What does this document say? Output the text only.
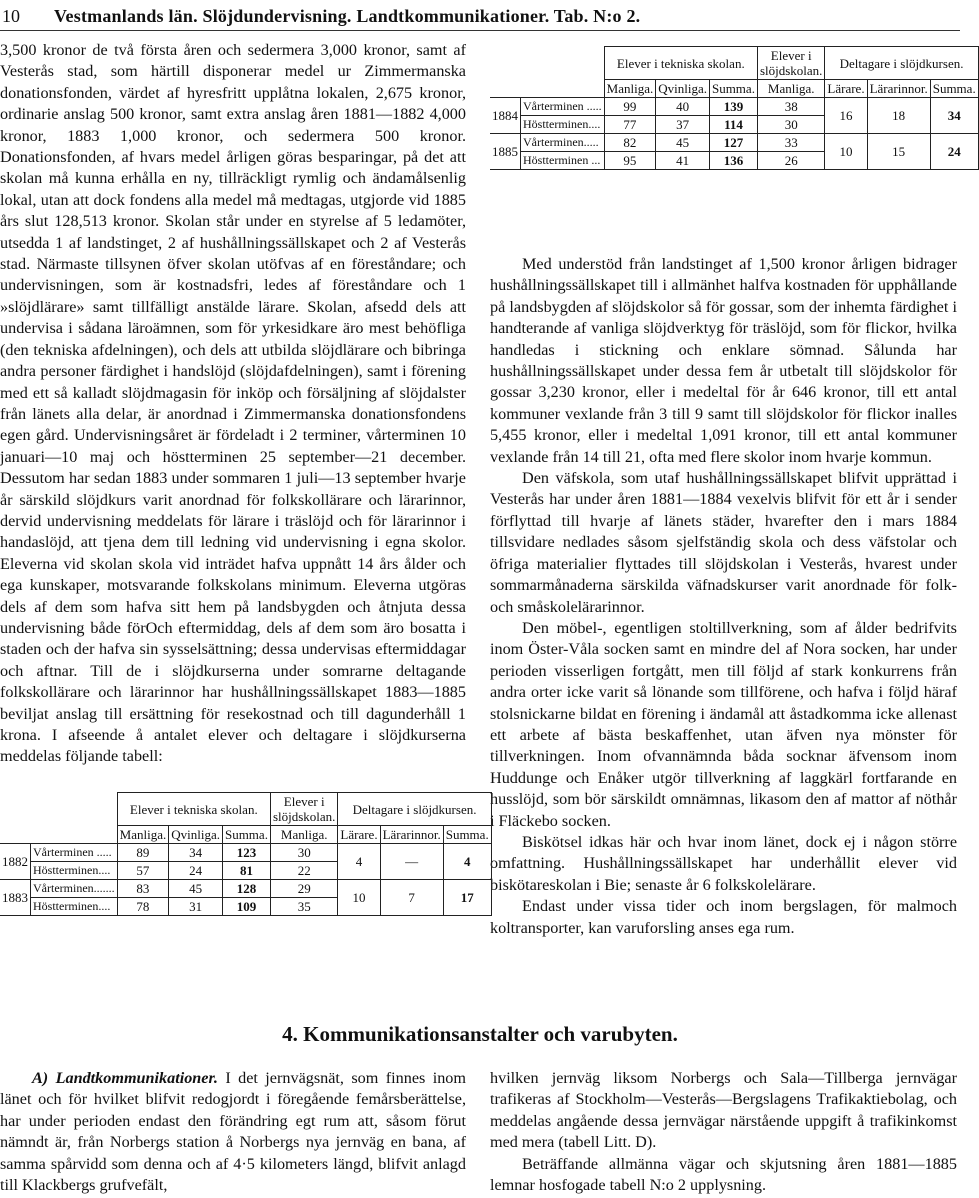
10 Vestmanlands län. Slöjdundervisning. Landtkommunikationer. Tab. N:o 2.

3,500 kronor de två första åren och sedermera 3,000 kronor, samt af Vesterås stad, som härtill disponerar medel ur Zimmermanska donationsfonden, värdet af hyresfritt upplåtna lokalen, 2,675 kronor, ordinarie anslag 500 kronor, samt extra anslag åren 1881—1882 4,000 kronor, 1883 1,000 kronor, och sedermera 500 kronor. Donationsfonden, af hvars medel årligen göras besparingar, på det att skolan må kunna erhålla en ny, tillräckligt rymlig och ändamålsenlig lokal, utan att dock fondens alla medel må medtagas, utgjorde vid 1885 års slut 128,513 kronor. Skolan står under en styrelse af 5 ledamöter, utsedda 1 af landstinget, 2 af hushållningssällskapet och 2 af Vesterås stad. Närmaste tillsynen öfver skolan utöfvas af en föreståndare; och undervisningen, som är kostnadsfri, ledes af föreståndare och 1 »slöjdlärare» samt tillfälligt anstälde lärare. Skolan, afsedd dels att undervisa i sådana läroämnen, som för yrkesidkare äro mest behöfliga (den tekniska afdelningen), och dels att utbilda slöjdlärare och bibringa andra personer färdighet i handslöjd (slöjdafdelningen), samt i förening med ett så kalladt slöjdmagasin för inköp och försäljning af slöjdalster från länets alla delar, är anordnad i Zimmermanska donationsfondens egen gård. Undervisningsåret är fördeladt i 2 terminer, vårterminen 10 januari—10 maj och höstterminen 25 september—21 december. Dessutom har sedan 1883 under sommaren 1 juli—13 september hvarje år särskild slöjdkurs varit anordnad för folkskollärare och lärarinnor, dervid undervisning meddelats för lärare i träslöjd och för lärarinnor i handaslöjd, att tjena dem till ledning vid undervisning i egna skolor. Eleverna vid skolan skola vid inträdet hafva uppnått 14 års ålder och ega kunskaper, motsvarande folkskolans minimum. Eleverna utgöras dels af dem som hafva sitt hem på landsbygden och åtnjuta dessa undervisning både förOch eftermiddag, dels af dem som äro bosatta i staden och der hafva sin sysselsättning; dessa undervisas eftermiddagar och aftnar. Till de i slöjdkurserna under somrarne deltagande folkskollärare och lärarinnor har hushållningssällskapet 1883—1885 beviljat anslag till ersättning för resekostnad och till dagunderhåll 1 krona. I afseende å antalet elever och deltagare i slöjdkurserna meddelas följande tabell:

		Elever i tekniska skolan.			Elever i slöjdskolan.	Deltagare i slöjdkursen.		
		Manliga.	Qvinliga.	Summa.	Manliga.	Lärare.	Lärarinnor.	Summa.
1884	Vårterminen .....	99	40	139	38	16	18	34
	Höstterminen....	77	37	114	30			
1885	Vårterminen.....	82	45	127	33	10	15	24
	Höstterminen ...	95	41	136	26			

Med understöd från landstinget af 1,500 kronor årligen bidrager hushållningssällskapet till i allmänhet halfva kostnaden för upphållande på landsbygden af slöjdskolor så för gossar, som der inhemta färdighet i handterande af vanliga slöjdverktyg för träslöjd, som för flickor, hvilka handledas i stickning och enklare sömnad. Sålunda har hushållningssällskapet under dessa fem år utbetalt till slöjdskolor för gossar 3,230 kronor, eller i medeltal för år 646 kronor, till ett antal kommuner vexlande från 3 till 9 samt till slöjdskolor för flickor inalles 5,455 kronor, eller i medeltal 1,091 kronor, till ett antal kommuner vexlande från 14 till 21, ofta med flere skolor inom hvarje kommun.

Den väfskola, som utaf hushållningssällskapet blifvit upprättad i Vesterås har under åren 1881—1884 vexelvis blifvit för ett år i sender förflyttad till hvarje af länets städer, hvarefter den i mars 1884 tillsvidare nedlades såsom sjelfständig skola och dess väfstolar och öfriga materialier flyttades till slöjdskolan i Vesterås, hvarest under sommarmånaderna särskilda väfnadskurser varit anordnade för folk- och småskolelärarinnor.

Den möbel-, egentligen stoltillverkning, som af ålder bedrifvits inom Öster-Våla socken samt en mindre del af Nora socken, har under perioden visserligen fortgått, men till följd af stark konkurrens från andra orter icke varit så lönande som tillförene, och hafva i följd häraf stolsnickarne bildat en förening i ändamål att åstadkomma icke allenast ett arbete af bästa beskaffenhet, utan äfven nya mönster för tillverkningen. Inom ofvannämnda båda socknar äfvensom inom Huddunge och Enåker utgör tillverkning af laggkärl fortfarande en husslöjd, som bör särskildt omnämnas, likasom den af mattor af nöthår i Fläckebo socken.

Biskötsel idkas här och hvar inom länet, dock ej i någon större omfattning. Hushållningssällskapet har underhållit elever vid biskötareskolan i Bie; senaste år 6 folkskolelärare.

Endast under vissa tider och inom bergslagen, för malmoch koltransporter, kan varuforsling anses ega rum.

		Elever i tekniska skolan.			Elever i slöjdskolan.	Deltagare i slöjdkursen.		
		Manliga.	Qvinliga.	Summa.	Manliga.	Lärare.	Lärarinnor.	Summa.
1882	Vårterminen .....	89	34	123	30	4	—	4
	Höstterminen....	57	24	81	22			
1883	Vårterminen.......	83	45	128	29	10	7	17
	Höstterminen....	78	31	109	35			
4. Kommunikationsanstalter och varubyten.

A) Landtkommunikationer. I det jernvägsnät, som finnes inom länet och för hvilket blifvit redogjordt i föregående femårsberättelse, har under perioden endast den förändring egt rum att, såsom förut nämndt är, från Norbergs station å Norbergs nya jernväg en bana, af samma spårvidd som denna och af 4·5 kilometers längd, blifvit anlagd till Klackbergs grufvefält,

hvilken jernväg liksom Norbergs och Sala—Tillberga jernvägar trafikeras af Stockholm—Vesterås—Bergslagens Trafikaktiebolag, och meddelas angående dessa jernvägar närstående uppgift å trafikinkomst med mera (tabell Litt. D).

Beträffande allmänna vägar och skjutsning åren 1881—1885 lemnar hosfogade tabell N:o 2 upplysning.
